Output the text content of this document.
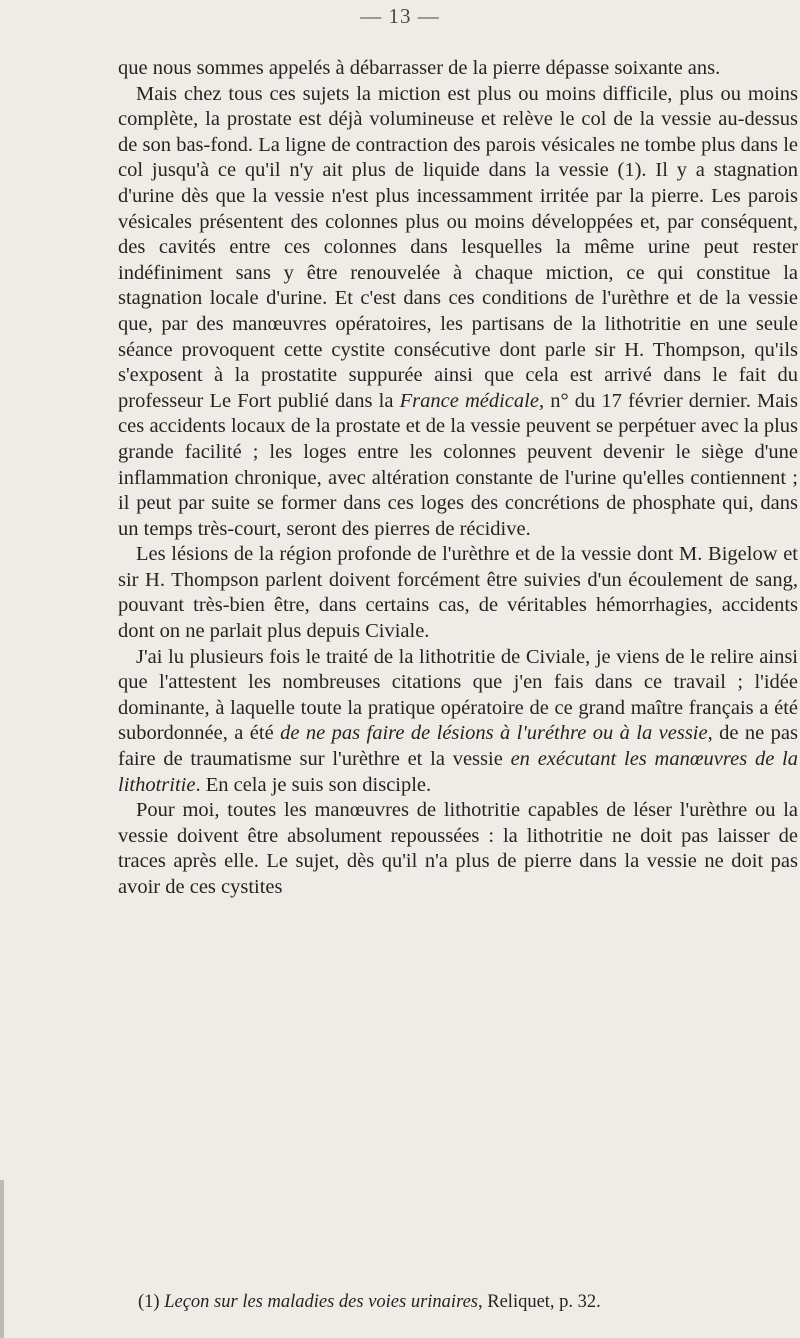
— 13 —

que nous sommes appelés à débarrasser de la pierre dépasse soixante ans.

Mais chez tous ces sujets la miction est plus ou moins difficile, plus ou moins complète, la prostate est déjà volumineuse et relève le col de la vessie au-dessus de son bas-fond. La ligne de contraction des parois vésicales ne tombe plus dans le col jusqu'à ce qu'il n'y ait plus de liquide dans la vessie (1). Il y a stagnation d'urine dès que la vessie n'est plus incessamment irritée par la pierre. Les parois vésicales présentent des colonnes plus ou moins développées et, par conséquent, des cavités entre ces colonnes dans lesquelles la même urine peut rester indéfiniment sans y être renouvelée à chaque miction, ce qui constitue la stagnation locale d'urine. Et c'est dans ces conditions de l'urèthre et de la vessie que, par des manœuvres opératoires, les partisans de la lithotritie en une seule séance provoquent cette cystite consécutive dont parle sir H. Thompson, qu'ils s'exposent à la prostatite suppurée ainsi que cela est arrivé dans le fait du professeur Le Fort publié dans la France médicale, n° du 17 février dernier. Mais ces accidents locaux de la prostate et de la vessie peuvent se perpétuer avec la plus grande facilité ; les loges entre les colonnes peuvent devenir le siège d'une inflammation chronique, avec altération constante de l'urine qu'elles contiennent ; il peut par suite se former dans ces loges des concrétions de phosphate qui, dans un temps très-court, seront des pierres de récidive.

Les lésions de la région profonde de l'urèthre et de la vessie dont M. Bigelow et sir H. Thompson parlent doivent forcément être suivies d'un écoulement de sang, pouvant très-bien être, dans certains cas, de véritables hémorrhagies, accidents dont on ne parlait plus depuis Civiale.

J'ai lu plusieurs fois le traité de la lithotritie de Civiale, je viens de le relire ainsi que l'attestent les nombreuses citations que j'en fais dans ce travail ; l'idée dominante, à laquelle toute la pratique opératoire de ce grand maître français a été subordonnée, a été de ne pas faire de lésions à l'uréthre ou à la vessie, de ne pas faire de traumatisme sur l'urèthre et la vessie en exécutant les manœuvres de la lithotritie. En cela je suis son disciple.

Pour moi, toutes les manœuvres de lithotritie capables de léser l'urèthre ou la vessie doivent être absolument repoussées : la lithotritie ne doit pas laisser de traces après elle. Le sujet, dès qu'il n'a plus de pierre dans la vessie ne doit pas avoir de ces cystites

(1) Leçon sur les maladies des voies urinaires, Reliquet, p. 32.
